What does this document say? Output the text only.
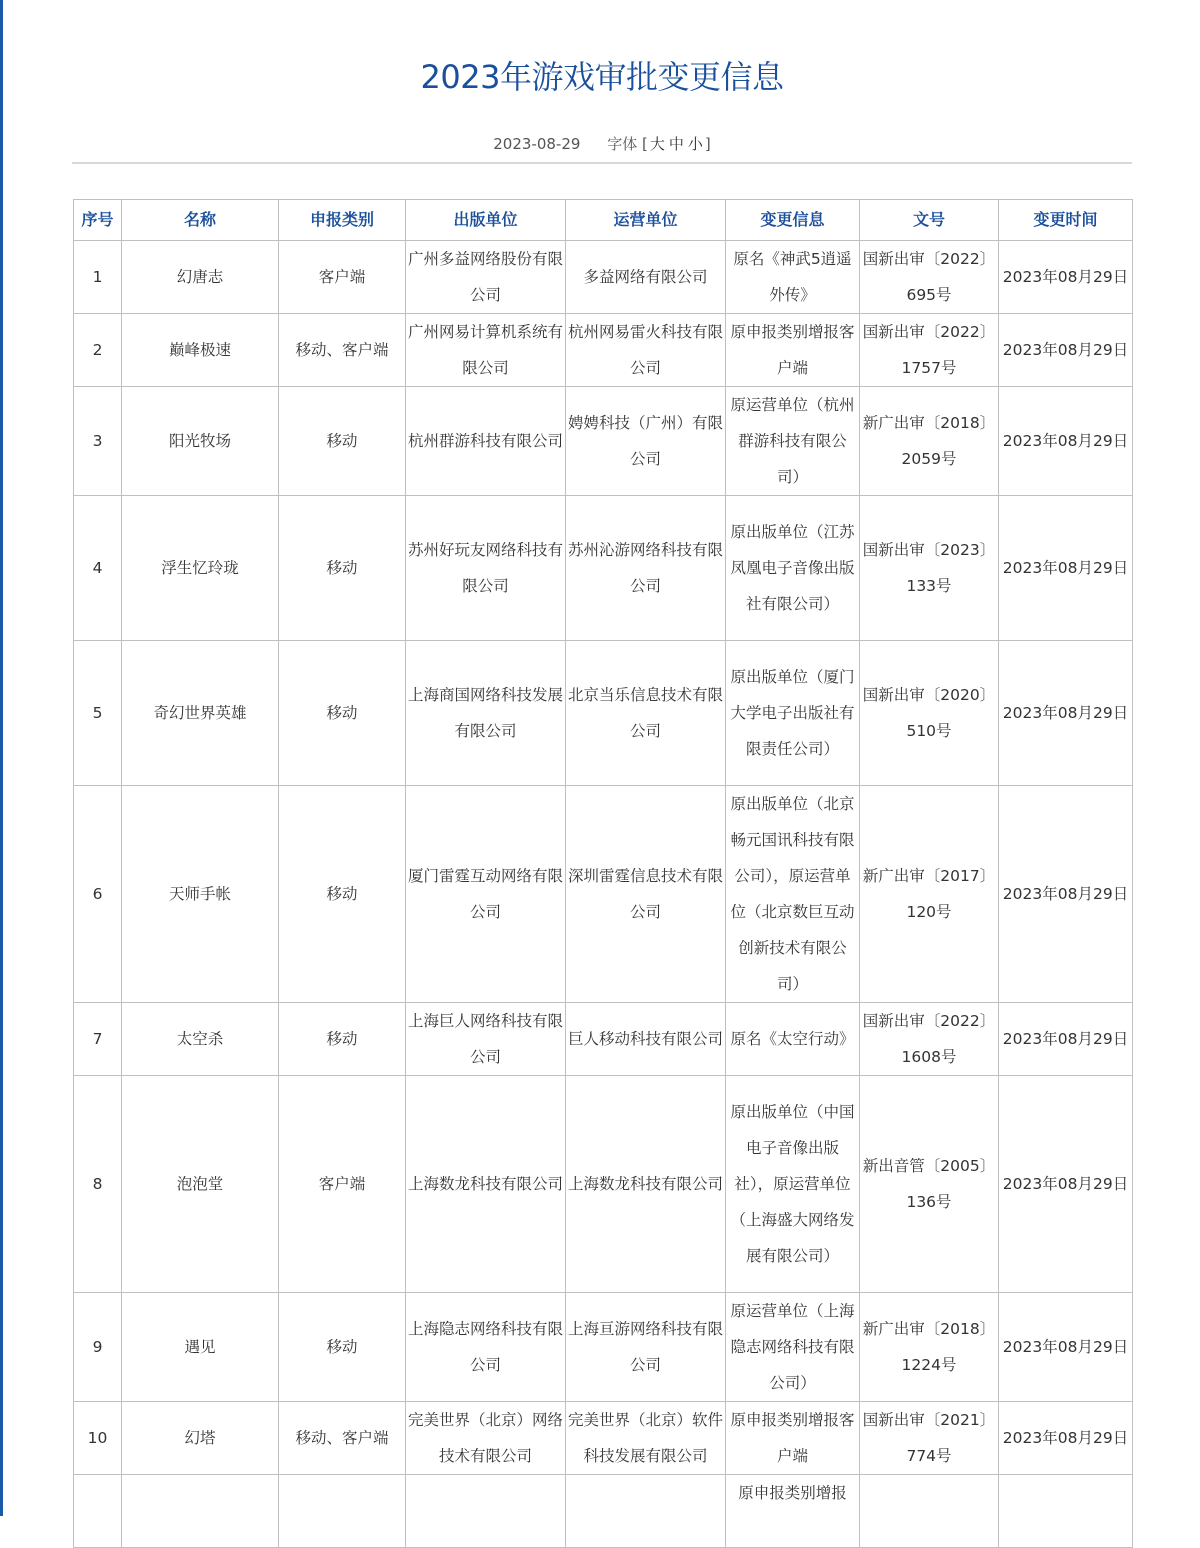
2023年游戏审批变更信息
2023-08-29 字体 [ 大 中 小 ]
序号	名称	申报类别	出版单位	运营单位	变更信息	文号	变更时间
1	幻唐志	客户端	广州多益网络股份有限公司	多益网络有限公司	原名《神武5逍遥外传》	国新出审〔2022〕695号	2023年08月29日
2	巅峰极速	移动、客户端	广州网易计算机系统有限公司	杭州网易雷火科技有限公司	原申报类别增报客户端	国新出审〔2022〕1757号	2023年08月29日
3	阳光牧场	移动	杭州群游科技有限公司	娉娉科技（广州）有限公司	原运营单位（杭州群游科技有限公司）	新广出审〔2018〕2059号	2023年08月29日
4	浮生忆玲珑	移动	苏州好玩友网络科技有限公司	苏州沁游网络科技有限公司	原出版单位（江苏凤凰电子音像出版社有限公司）	国新出审〔2023〕133号	2023年08月29日
5	奇幻世界英雄	移动	上海商国网络科技发展有限公司	北京当乐信息技术有限公司	原出版单位（厦门大学电子出版社有限责任公司）	国新出审〔2020〕510号	2023年08月29日
6	天师手帐	移动	厦门雷霆互动网络有限公司	深圳雷霆信息技术有限公司	原出版单位（北京畅元国讯科技有限公司），原运营单位（北京数巨互动创新技术有限公司）	新广出审〔2017〕120号	2023年08月29日
7	太空杀	移动	上海巨人网络科技有限公司	巨人移动科技有限公司	原名《太空行动》	国新出审〔2022〕1608号	2023年08月29日
8	泡泡堂	客户端	上海数龙科技有限公司	上海数龙科技有限公司	原出版单位（中国电子音像出版社），原运营单位（上海盛大网络发展有限公司）	新出音管〔2005〕136号	2023年08月29日
9	遇见	移动	上海隐志网络科技有限公司	上海亘游网络科技有限公司	原运营单位（上海隐志网络科技有限公司）	新广出审〔2018〕1224号	2023年08月29日
10	幻塔	移动、客户端	完美世界（北京）网络技术有限公司	完美世界（北京）软件科技发展有限公司	原申报类别增报客户端	国新出审〔2021〕774号	2023年08月29日
					原申报类别增报		
